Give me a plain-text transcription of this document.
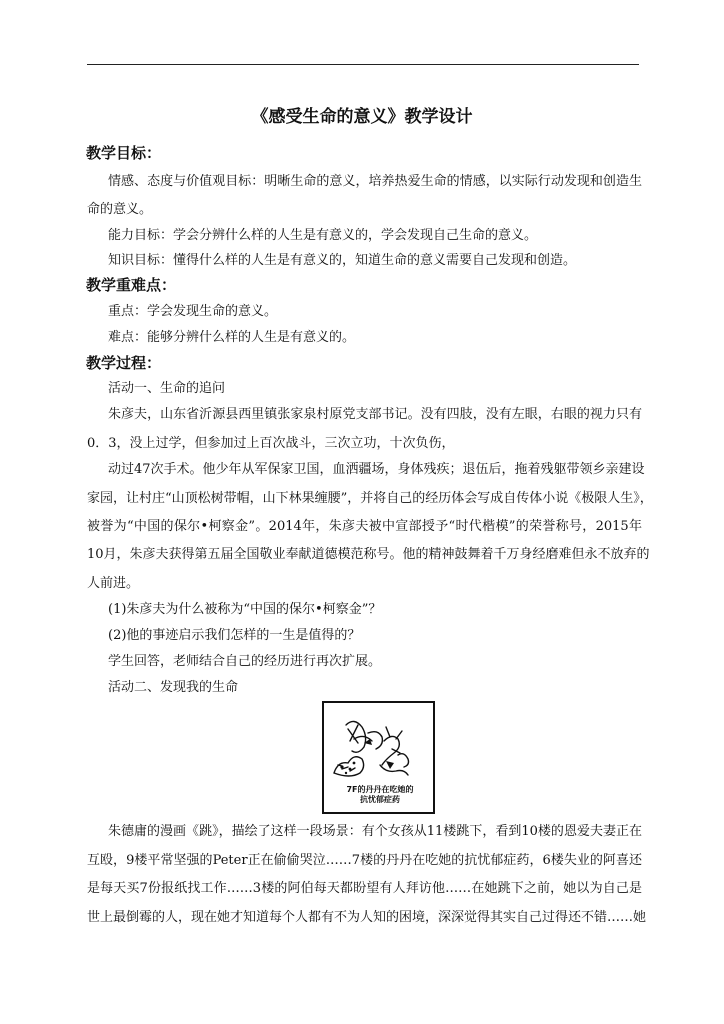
《感受生命的意义》教学设计
教学目标：
情感、态度与价值观目标：明晰生命的意义，培养热爱生命的情感，以实际行动发现和创造生
命的意义。
能力目标：学会分辨什么样的人生是有意义的，学会发现自己生命的意义。
知识目标：懂得什么样的人生是有意义的，知道生命的意义需要自己发现和创造。
教学重难点：
重点：学会发现生命的意义。
难点：能够分辨什么样的人生是有意义的。
教学过程：
活动一、生命的追问
朱彦夫，山东省沂源县西里镇张家泉村原党支部书记。没有四肢，没有左眼，右眼的视力只有
0．3，没上过学，但参加过上百次战斗，三次立功，十次负伤，
动过47次手术。他少年从军保家卫国，血洒疆场，身体残疾；退伍后，拖着残躯带领乡亲建设
家园，让村庄“山顶松树带帽，山下林果缠腰”，并将自己的经历体会写成自传体小说《极限人生》，
被誉为“中国的保尔•柯察金”。2014年，朱彦夫被中宣部授予“时代楷模”的荣誉称号，2015年
10月，朱彦夫获得第五届全国敬业奉献道德模范称号。他的精神鼓舞着千万身经磨难但永不放弃的
人前进。
(1)朱彦夫为什么被称为“中国的保尔•柯察金”？
(2)他的事迹启示我们怎样的一生是值得的？
学生回答，老师结合自己的经历进行再次扩展。
活动二、发现我的生命
7F的丹丹在吃她的
抗忧郁症药
朱德庸的漫画《跳》，描绘了这样一段场景：有个女孩从11楼跳下，看到10楼的恩爱夫妻正在
互殴，9楼平常坚强的Peter正在偷偷哭泣……7楼的丹丹在吃她的抗忧郁症药，6楼失业的阿喜还
是每天买7份报纸找工作……3楼的阿伯每天都盼望有人拜访他……在她跳下之前，她以为自己是
世上最倒霉的人，现在她才知道每个人都有不为人知的困境，深深觉得其实自己过得还不错……她
